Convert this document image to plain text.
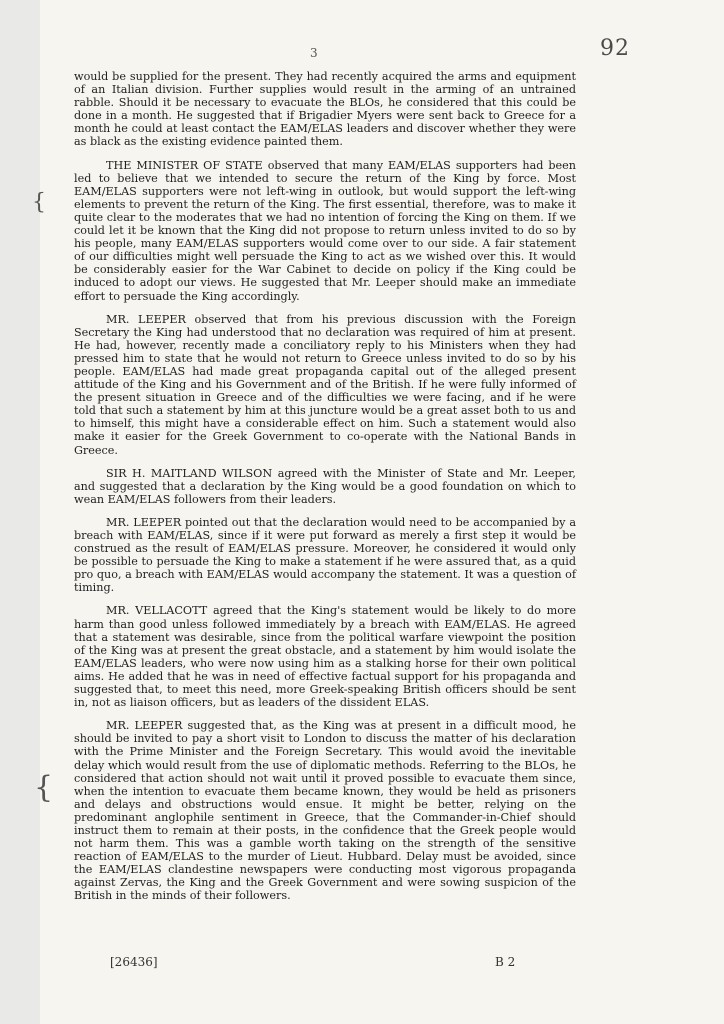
3	92
{
{

would be supplied for the present. They had recently acquired the arms and equipment of an Italian division. Further supplies would result in the arming of an untrained rabble. Should it be necessary to evacuate the BLOs, he considered that this could be done in a month. He suggested that if Brigadier Myers were sent back to Greece for a month he could at least contact the EAM/ELAS leaders and discover whether they were as black as the existing evidence painted them.

THE MINISTER OF STATE observed that many EAM/ELAS supporters had been led to believe that we intended to secure the return of the King by force. Most EAM/ELAS supporters were not left-wing in outlook, but would support the left-wing elements to prevent the return of the King. The first essential, therefore, was to make it quite clear to the moderates that we had no intention of forcing the King on them. If we could let it be known that the King did not propose to return unless invited to do so by his people, many EAM/ELAS supporters would come over to our side. A fair statement of our difficulties might well persuade the King to act as we wished over this. It would be considerably easier for the War Cabinet to decide on policy if the King could be induced to adopt our views. He suggested that Mr. Leeper should make an immediate effort to persuade the King accordingly.

MR. LEEPER observed that from his previous discussion with the Foreign Secretary the King had understood that no declaration was required of him at present. He had, however, recently made a conciliatory reply to his Ministers when they had pressed him to state that he would not return to Greece unless invited to do so by his people. EAM/ELAS had made great propaganda capital out of the alleged present attitude of the King and his Government and of the British. If he were fully informed of the present situation in Greece and of the difficulties we were facing, and if he were told that such a statement by him at this juncture would be a great asset both to us and to himself, this might have a considerable effect on him. Such a statement would also make it easier for the Greek Government to co-operate with the National Bands in Greece.

SIR H. MAITLAND WILSON agreed with the Minister of State and Mr. Leeper, and suggested that a declaration by the King would be a good foundation on which to wean EAM/ELAS followers from their leaders.

MR. LEEPER pointed out that the declaration would need to be accompanied by a breach with EAM/ELAS, since if it were put forward as merely a first step it would be construed as the result of EAM/ELAS pressure. Moreover, he considered it would only be possible to persuade the King to make a statement if he were assured that, as a quid pro quo, a breach with EAM/ELAS would accompany the statement. It was a question of timing.

MR. VELLACOTT agreed that the King's statement would be likely to do more harm than good unless followed immediately by a breach with EAM/ELAS. He agreed that a statement was desirable, since from the political warfare viewpoint the position of the King was at present the great obstacle, and a statement by him would isolate the EAM/ELAS leaders, who were now using him as a stalking horse for their own political aims. He added that he was in need of effective factual support for his propaganda and suggested that, to meet this need, more Greek-speaking British officers should be sent in, not as liaison officers, but as leaders of the dissident ELAS.

MR. LEEPER suggested that, as the King was at present in a difficult mood, he should be invited to pay a short visit to London to discuss the matter of his declaration with the Prime Minister and the Foreign Secretary. This would avoid the inevitable delay which would result from the use of diplomatic methods. Referring to the BLOs, he considered that action should not wait until it proved possible to evacuate them since, when the intention to evacuate them became known, they would be held as prisoners and delays and obstructions would ensue. It might be better, relying on the predominant anglophile sentiment in Greece, that the Commander-in-Chief should instruct them to remain at their posts, in the confidence that the Greek people would not harm them. This was a gamble worth taking on the strength of the sensitive reaction of EAM/ELAS to the murder of Lieut. Hubbard. Delay must be avoided, since the EAM/ELAS clandestine newspapers were conducting most vigorous propaganda against Zervas, the King and the Greek Government and were sowing suspicion of the British in the minds of their followers.

[26436]	B 2
